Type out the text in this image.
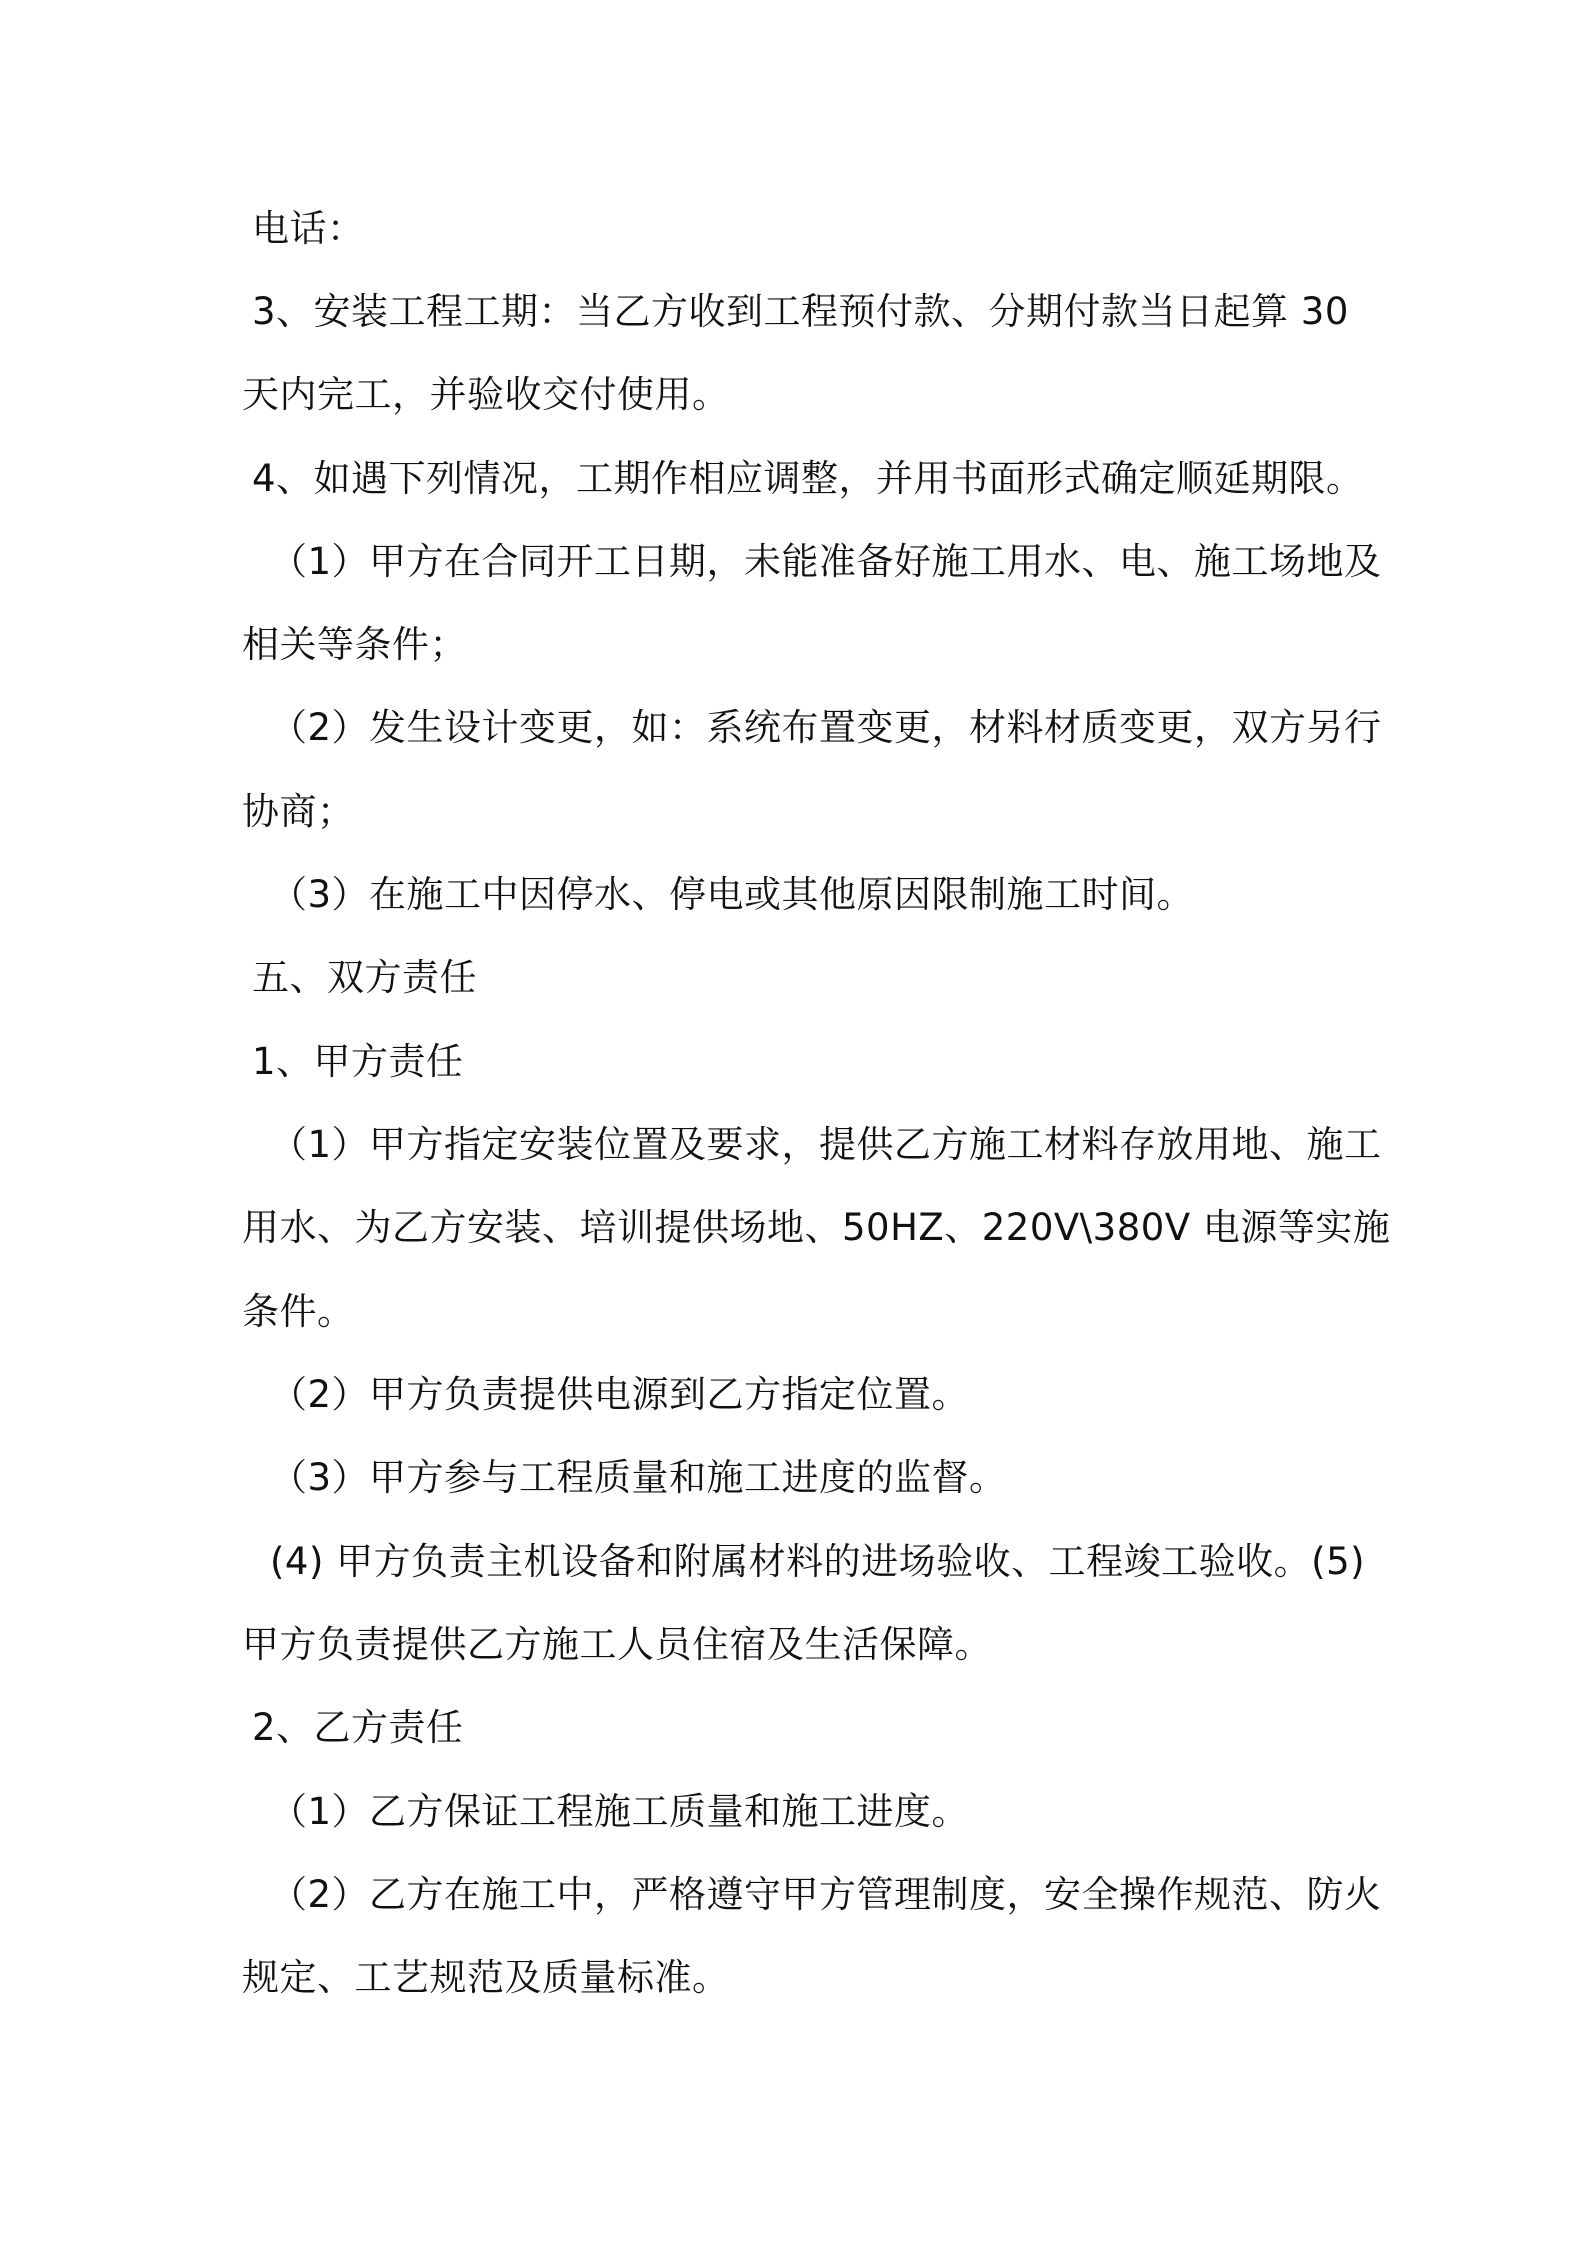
电话：
3、安装工程工期：当乙方收到工程预付款、分期付款当日起算 30
天内完工，并验收交付使用。
4、如遇下列情况，工期作相应调整，并用书面形式确定顺延期限。
（1）甲方在合同开工日期，未能准备好施工用水、电、施工场地及
相关等条件；
（2）发生设计变更，如：系统布置变更，材料材质变更，双方另行
协商；
（3）在施工中因停水、停电或其他原因限制施工时间。
五、双方责任
1、甲方责任
（1）甲方指定安装位置及要求，提供乙方施工材料存放用地、施工
用水、为乙方安装、培训提供场地、50HZ、220V\380V 电源等实施
条件。
（2）甲方负责提供电源到乙方指定位置。
（3）甲方参与工程质量和施工进度的监督。
(4) 甲方负责主机设备和附属材料的进场验收、工程竣工验收。(5)
甲方负责提供乙方施工人员住宿及生活保障。
2、乙方责任
（1）乙方保证工程施工质量和施工进度。
（2）乙方在施工中，严格遵守甲方管理制度，安全操作规范、防火
规定、工艺规范及质量标准。
